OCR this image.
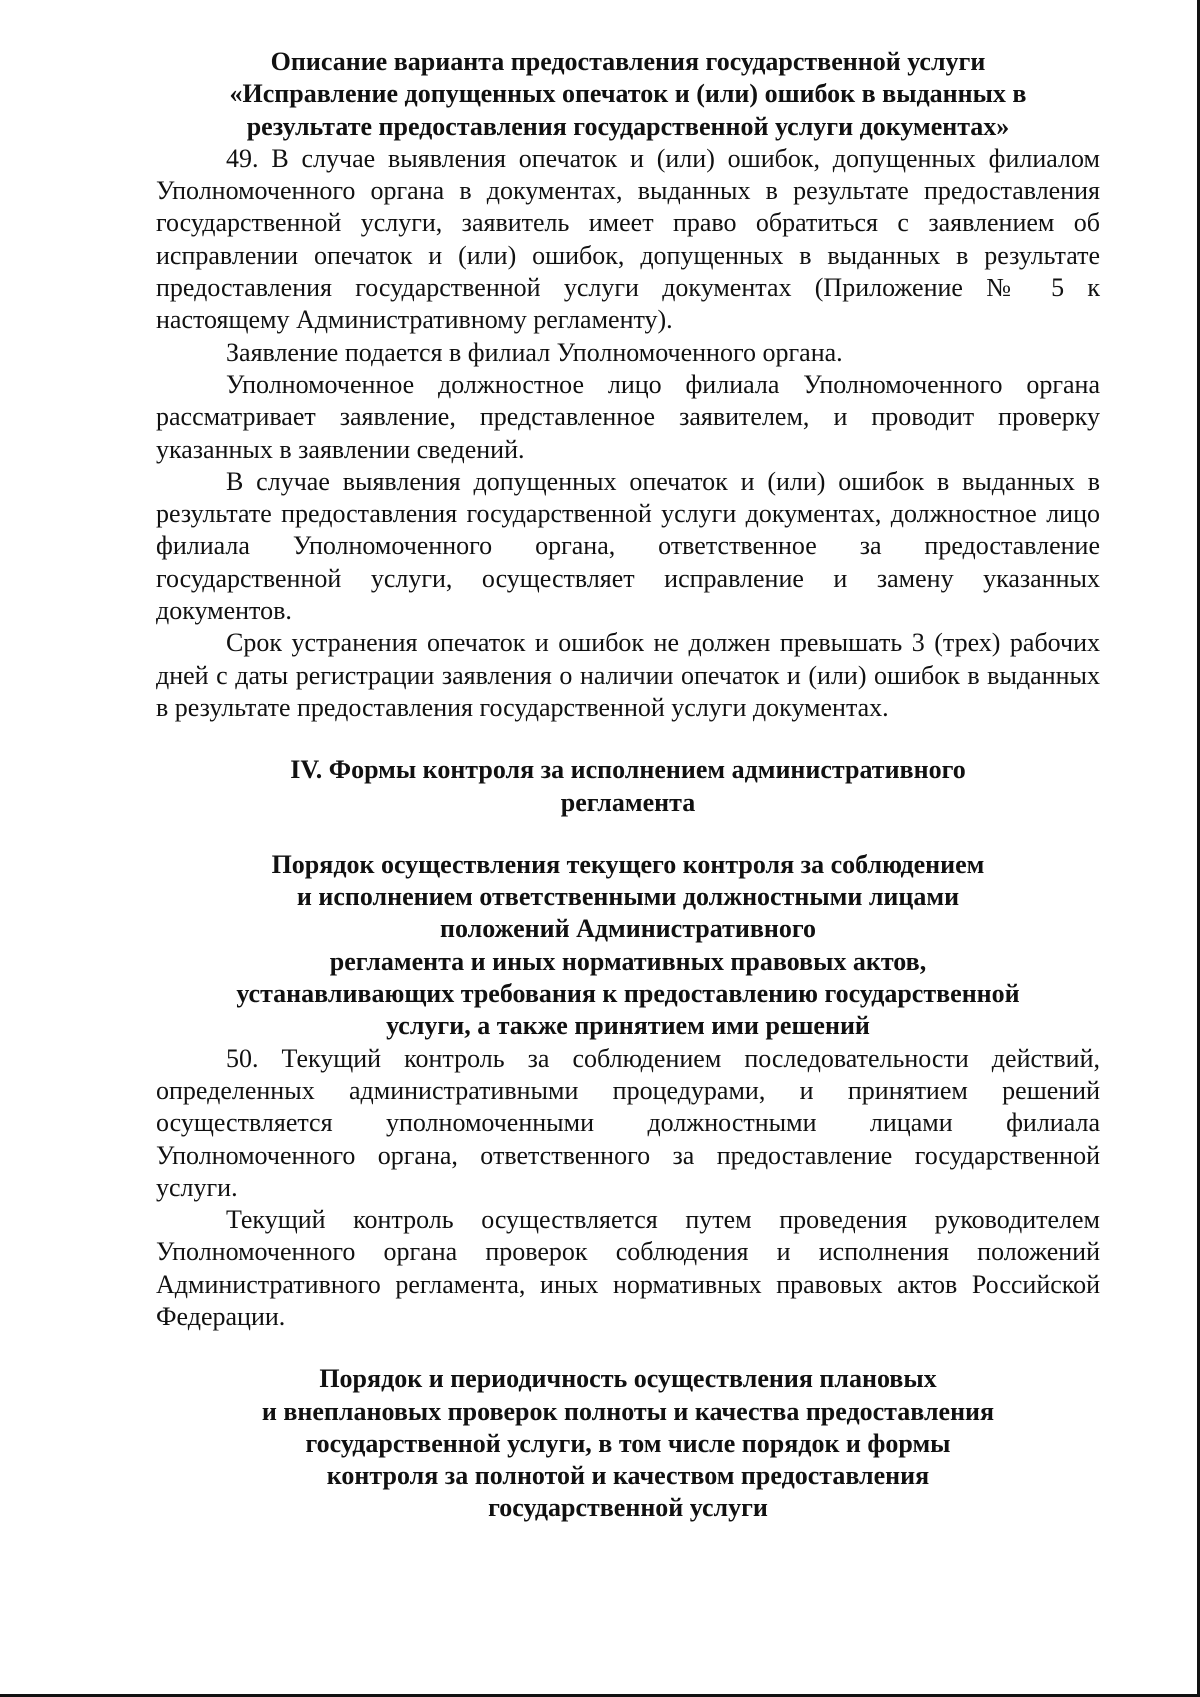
Описание варианта предоставления государственной услуги
«Исправление допущенных опечаток и (или) ошибок в выданных в
результате предоставления государственной услуги документах»

49. В случае выявления опечаток и (или) ошибок, допущенных филиалом Уполномоченного органа в документах, выданных в результате предоставления государственной услуги, заявитель имеет право обратиться с заявлением об исправлении опечаток и (или) ошибок, допущенных в выданных в результате предоставления государственной услуги документах (Приложение № 5 к настоящему Административному регламенту).

Заявление подается в филиал Уполномоченного органа.

Уполномоченное должностное лицо филиала Уполномоченного органа рассматривает заявление, представленное заявителем, и проводит проверку указанных в заявлении сведений.

В случае выявления допущенных опечаток и (или) ошибок в выданных в результате предоставления государственной услуги документах, должностное лицо филиала Уполномоченного органа, ответственное за предоставление государственной услуги, осуществляет исправление и замену указанных документов.

Срок устранения опечаток и ошибок не должен превышать 3 (трех) рабочих дней с даты регистрации заявления о наличии опечаток и (или) ошибок в выданных в результате предоставления государственной услуги документах.

IV. Формы контроля за исполнением административного
регламента
Порядок осуществления текущего контроля за соблюдением
и исполнением ответственными должностными лицами
положений Административного
регламента и иных нормативных правовых актов,
устанавливающих требования к предоставлению государственной
услуги, а также принятием ими решений

50. Текущий контроль за соблюдением последовательности действий, определенных административными процедурами, и принятием решений осуществляется уполномоченными должностными лицами филиала Уполномоченного органа, ответственного за предоставление государственной услуги.

Текущий контроль осуществляется путем проведения руководителем Уполномоченного органа проверок соблюдения и исполнения положений Административного регламента, иных нормативных правовых актов Российской Федерации.

Порядок и периодичность осуществления плановых
и внеплановых проверок полноты и качества предоставления
государственной услуги, в том числе порядок и формы
контроля за полнотой и качеством предоставления
государственной услуги
